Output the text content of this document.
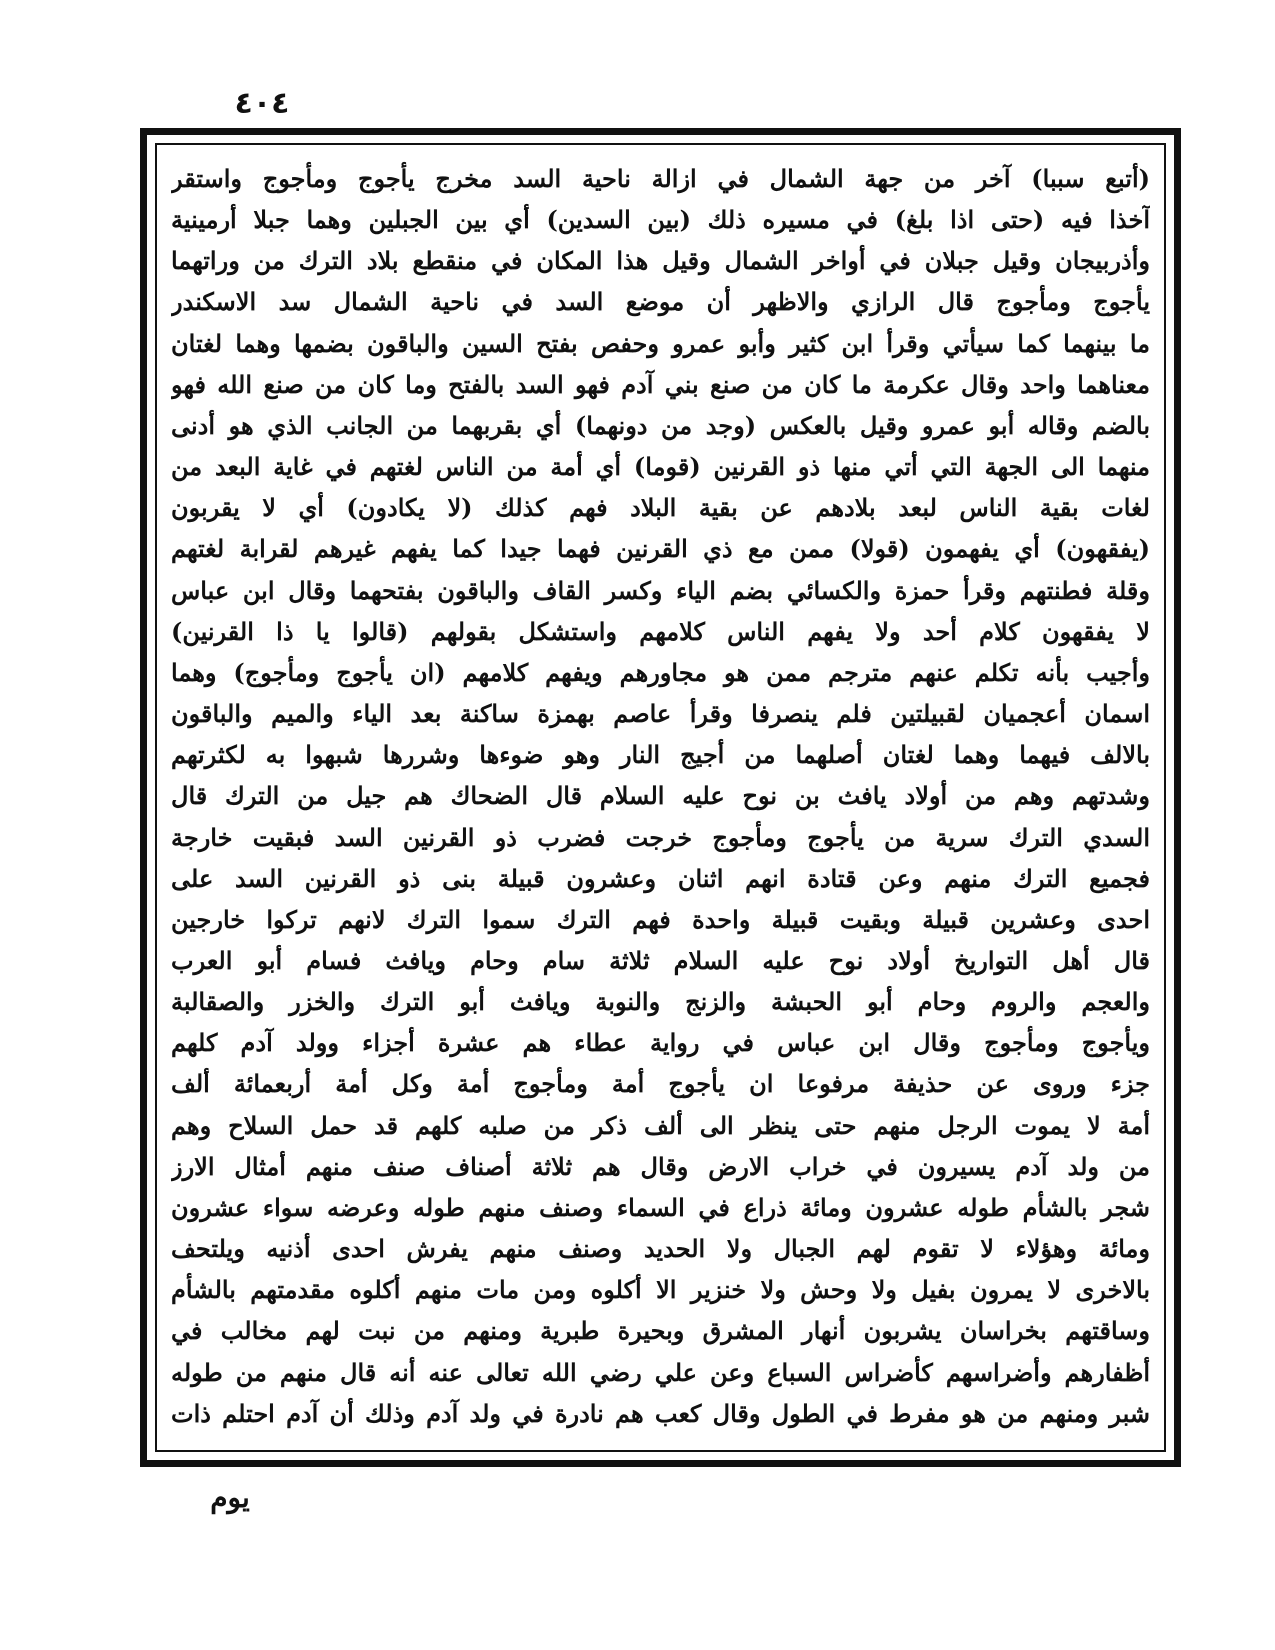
٤٠٤
(أتبع سببا) آخر من جهة الشمال في ازالة ناحية السد مخرج يأجوج ومأجوج واستقر
آخذا فيه (حتى اذا بلغ) في مسيره ذلك (بين السدين) أي بين الجبلين وهما جبلا أرمينية
وأذربيجان وقيل جبلان في أواخر الشمال وقيل هذا المكان في منقطع بلاد الترك من وراتهما
يأجوج ومأجوج قال الرازي والاظهر أن موضع السد في ناحية الشمال سد الاسكندر
ما بينهما كما سيأتي وقرأ ابن كثير وأبو عمرو وحفص بفتح السين والباقون بضمها وهما لغتان
معناهما واحد وقال عكرمة ما كان من صنع بني آدم فهو السد بالفتح وما كان من صنع الله فهو
بالضم وقاله أبو عمرو وقيل بالعكس (وجد من دونهما) أي بقربهما من الجانب الذي هو أدنى
منهما الى الجهة التي أتي منها ذو القرنين (قوما) أي أمة من الناس لغتهم في غاية البعد من
لغات بقية الناس لبعد بلادهم عن بقية البلاد فهم كذلك (لا يكادون) أي لا يقربون
(يفقهون) أي يفهمون (قولا) ممن مع ذي القرنين فهما جيدا كما يفهم غيرهم لقرابة لغتهم
وقلة فطنتهم وقرأ حمزة والكسائي بضم الياء وكسر القاف والباقون بفتحهما وقال ابن عباس
لا يفقهون كلام أحد ولا يفهم الناس كلامهم واستشكل بقولهم (قالوا يا ذا القرنين)
وأجيب بأنه تكلم عنهم مترجم ممن هو مجاورهم ويفهم كلامهم (ان يأجوج ومأجوج) وهما
اسمان أعجميان لقبيلتين فلم ينصرفا وقرأ عاصم بهمزة ساكنة بعد الياء والميم والباقون
بالالف فيهما وهما لغتان أصلهما من أجيج النار وهو ضوءها وشررها شبهوا به لكثرتهم
وشدتهم وهم من أولاد يافث بن نوح عليه السلام قال الضحاك هم جيل من الترك قال
السدي الترك سرية من يأجوج ومأجوج خرجت فضرب ذو القرنين السد فبقيت خارجة
فجميع الترك منهم وعن قتادة انهم اثنان وعشرون قبيلة بنى ذو القرنين السد على
احدى وعشرين قبيلة وبقيت قبيلة واحدة فهم الترك سموا الترك لانهم تركوا خارجين
قال أهل التواريخ أولاد نوح عليه السلام ثلاثة سام وحام ويافث فسام أبو العرب
والعجم والروم وحام أبو الحبشة والزنج والنوبة ويافث أبو الترك والخزر والصقالبة
ويأجوج ومأجوج وقال ابن عباس في رواية عطاء هم عشرة أجزاء وولد آدم كلهم
جزء وروى عن حذيفة مرفوعا ان يأجوج أمة ومأجوج أمة وكل أمة أربعمائة ألف
أمة لا يموت الرجل منهم حتى ينظر الى ألف ذكر من صلبه كلهم قد حمل السلاح وهم
من ولد آدم يسيرون في خراب الارض وقال هم ثلاثة أصناف صنف منهم أمثال الارز
شجر بالشأم طوله عشرون ومائة ذراع في السماء وصنف منهم طوله وعرضه سواء عشرون
ومائة وهؤلاء لا تقوم لهم الجبال ولا الحديد وصنف منهم يفرش احدى أذنيه ويلتحف
بالاخرى لا يمرون بفيل ولا وحش ولا خنزير الا أكلوه ومن مات منهم أكلوه مقدمتهم بالشأم
وساقتهم بخراسان يشربون أنهار المشرق وبحيرة طبرية ومنهم من نبت لهم مخالب في
أظفارهم وأضراسهم كأضراس السباع وعن علي رضي الله تعالى عنه أنه قال منهم من طوله
شبر ومنهم من هو مفرط في الطول وقال كعب هم نادرة في ولد آدم وذلك أن آدم احتلم ذات
يوم
